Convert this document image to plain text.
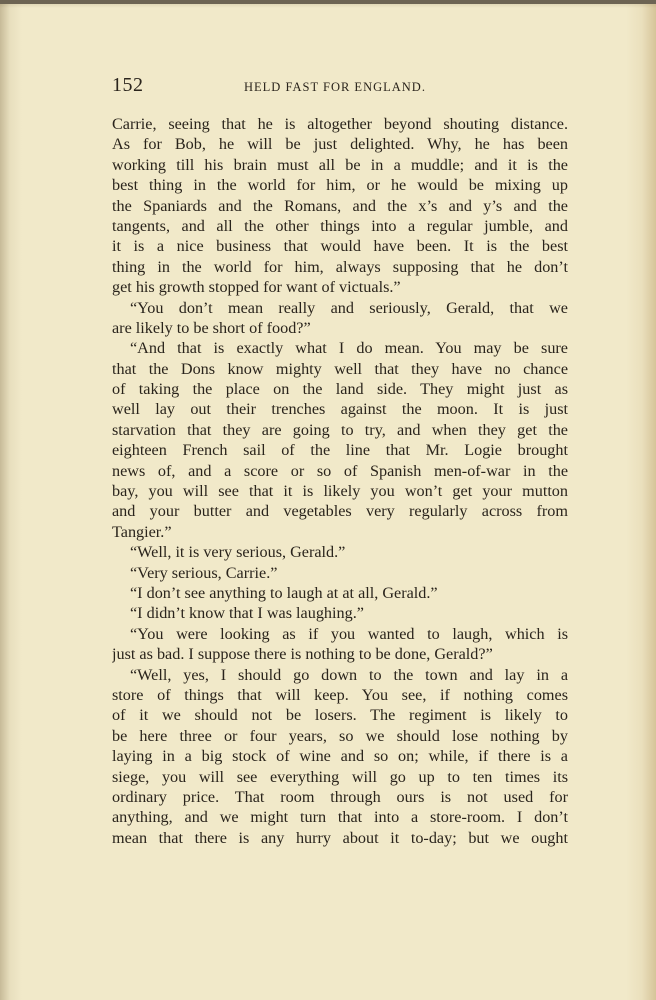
152	HELD FAST FOR ENGLAND.
Carrie, seeing that he is altogether beyond shouting distance.
As for Bob, he will be just delighted. Why, he has been
working till his brain must all be in a muddle; and it is the
best thing in the world for him, or he would be mixing up
the Spaniards and the Romans, and the x’s and y’s and the
tangents, and all the other things into a regular jumble, and
it is a nice business that would have been. It is the best
thing in the world for him, always supposing that he don’t
get his growth stopped for want of victuals.”
“You don’t mean really and seriously, Gerald, that we
are likely to be short of food?”
“And that is exactly what I do mean. You may be sure
that the Dons know mighty well that they have no chance
of taking the place on the land side. They might just as
well lay out their trenches against the moon. It is just
starvation that they are going to try, and when they get the
eighteen French sail of the line that Mr. Logie brought
news of, and a score or so of Spanish men-of-war in the
bay, you will see that it is likely you won’t get your mutton
and your butter and vegetables very regularly across from
Tangier.”
“Well, it is very serious, Gerald.”
“Very serious, Carrie.”
“I don’t see anything to laugh at at all, Gerald.”
“I didn’t know that I was laughing.”
“You were looking as if you wanted to laugh, which is
just as bad. I suppose there is nothing to be done, Gerald?”
“Well, yes, I should go down to the town and lay in a
store of things that will keep. You see, if nothing comes
of it we should not be losers. The regiment is likely to
be here three or four years, so we should lose nothing by
laying in a big stock of wine and so on; while, if there is a
siege, you will see everything will go up to ten times its
ordinary price. That room through ours is not used for
anything, and we might turn that into a store-room. I don’t
mean that there is any hurry about it to-day; but we ought
